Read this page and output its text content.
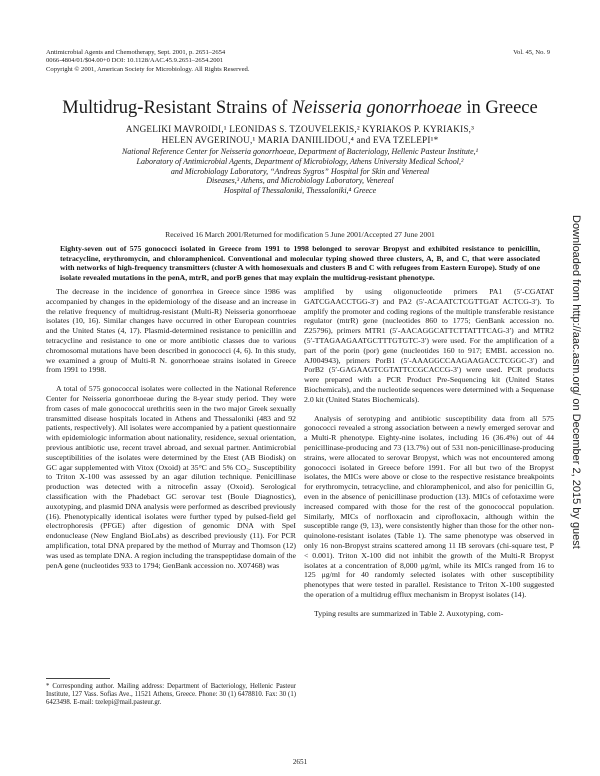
Antimicrobial Agents and Chemotherapy, Sept. 2001, p. 2651–2654
0066-4804/01/$04.00+0 DOI: 10.1128/AAC.45.9.2651–2654.2001
Copyright © 2001, American Society for Microbiology. All Rights Reserved.
Vol. 45, No. 9
Multidrug-Resistant Strains of Neisseria gonorrhoeae in Greece
ANGELIKI MAVROIDI,¹ LEONIDAS S. TZOUVELEKIS,² KYRIAKOS P. KYRIAKIS,³
HELEN AVGERINOU,¹ MARIA DANIILIDOU,⁴ and EVA TZELEPI¹*
National Reference Center for Neisseria gonorrhoeae, Department of Bacteriology, Hellenic Pasteur Institute,¹
Laboratory of Antimicrobial Agents, Department of Microbiology, Athens University Medical School,²
and Microbiology Laboratory, “Andreas Sygros” Hospital for Skin and Venereal
Diseases,³ Athens, and Microbiology Laboratory, Venereal
Hospital of Thessaloniki, Thessaloniki,⁴ Greece
Received 16 March 2001/Returned for modification 5 June 2001/Accepted 27 June 2001
Eighty-seven out of 575 gonococci isolated in Greece from 1991 to 1998 belonged to serovar Bropyst and exhibited resistance to penicillin, tetracycline, erythromycin, and chloramphenicol. Conventional and molecular typing showed three clusters, A, B, and C, that were associated with networks of high-frequency transmitters (cluster A with homosexuals and clusters B and C with refugees from Eastern Europe). Study of one isolate revealed mutations in the penA, mtrR, and porB genes that may explain the multidrug-resistant phenotype.

The decrease in the incidence of gonorrhea in Greece since 1986 was accompanied by changes in the epidemiology of the disease and an increase in the relative frequency of multidrug-resistant (Multi-R) Neisseria gonorrhoeae isolates (10, 16). Similar changes have occurred in other European countries and the United States (4, 17). Plasmid-determined resistance to penicillin and tetracycline and resistance to one or more antibiotic classes due to various chromosomal mutations have been described in gonococci (4, 6). In this study, we examined a group of Multi-R N. gonorrhoeae strains isolated in Greece from 1991 to 1998.

A total of 575 gonococcal isolates were collected in the National Reference Center for Neisseria gonorrhoeae during the 8-year study period. They were from cases of male gonococcal urethritis seen in the two major Greek sexually transmitted disease hospitals located in Athens and Thessaloniki (483 and 92 patients, respectively). All isolates were accompanied by a patient questionnaire with epidemiologic information about nationality, residence, sexual orientation, previous antibiotic use, recent travel abroad, and sexual partner. Antimicrobial susceptibilities of the isolates were determined by the Etest (AB Biodisk) on GC agar supplemented with Vitox (Oxoid) at 35°C and 5% CO₂. Susceptibility to Triton X-100 was assessed by an agar dilution technique. Penicillinase production was detected with a nitrocefin assay (Oxoid). Serological classification with the Phadebact GC serovar test (Boule Diagnostics), auxotyping, and plasmid DNA analysis were performed as described previously (16). Phenotypically identical isolates were further typed by pulsed-field gel electrophoresis (PFGE) after digestion of genomic DNA with SpeI endonuclease (New England BioLabs) as described previously (11). For PCR amplification, total DNA prepared by the method of Murray and Thomson (12) was used as template DNA. A region including the transpeptidase domain of the penA gene (nucleotides 933 to 1794; GenBank accession no. X07468) was

amplified by using oligonucleotide primers PA1 (5′-CGATAT GATCGAACCTGG-3′) and PA2 (5′-ACAATCTCGTTGAT ACTCG-3′). To amplify the promoter and coding regions of the multiple transferable resistance regulator (mtrR) gene (nucleotides 860 to 1775; GenBank accession no. Z25796), primers MTR1 (5′-AACAGGCATTCTTATTTCAG-3′) and MTR2 (5′-TTAGAAGAATGCTTTGTGTC-3′) were used. For the amplification of a part of the porin (por) gene (nucleotides 160 to 917; EMBL accession no. AJ004943), primers PorB1 (5′-AAAGGCCAAGAAGACCTCGGC-3′) and PorB2 (5′-GAGAAGTCGTATTCCGCACCG-3′) were used. PCR products were prepared with a PCR Product Pre-Sequencing kit (United States Biochemicals), and the nucleotide sequences were determined with a Sequenase 2.0 kit (United States Biochemicals).

Analysis of serotyping and antibiotic susceptibility data from all 575 gonococci revealed a strong association between a newly emerged serovar and a Multi-R phenotype. Eighty-nine isolates, including 16 (36.4%) out of 44 penicillinase-producing and 73 (13.7%) out of 531 non-penicillinase-producing strains, were allocated to serovar Bropyst, which was not encountered among gonococci isolated in Greece before 1991. For all but two of the Bropyst isolates, the MICs were above or close to the respective resistance breakpoints for erythromycin, tetracycline, and chloramphenicol, and also for penicillin G, even in the absence of penicillinase production (13). MICs of cefotaxime were increased compared with those for the rest of the gonococcal population. Similarly, MICs of norfloxacin and ciprofloxacin, although within the susceptible range (9, 13), were consistently higher than those for the other non-quinolone-resistant isolates (Table 1). The same phenotype was observed in only 16 non-Bropyst strains scattered among 11 IB serovars (chi-square test, P < 0.001). Triton X-100 did not inhibit the growth of the Multi-R Bropyst isolates at a concentration of 8,000 μg/ml, while its MICs ranged from 16 to 125 μg/ml for 40 randomly selected isolates with other susceptibility phenotypes that were tested in parallel. Resistance to Triton X-100 suggested the operation of a multidrug efflux mechanism in Bropyst isolates (14).

Typing results are summarized in Table 2. Auxotyping, com-

* Corresponding author. Mailing address: Department of Bacteriology, Hellenic Pasteur Institute, 127 Vass. Sofias Ave., 11521 Athens, Greece. Phone: 30 (1) 6478810. Fax: 30 (1) 6423498. E-mail: tzelepi@mail.pasteur.gr.
2651
Downloaded from http://aac.asm.org/ on December 2, 2015 by guest
